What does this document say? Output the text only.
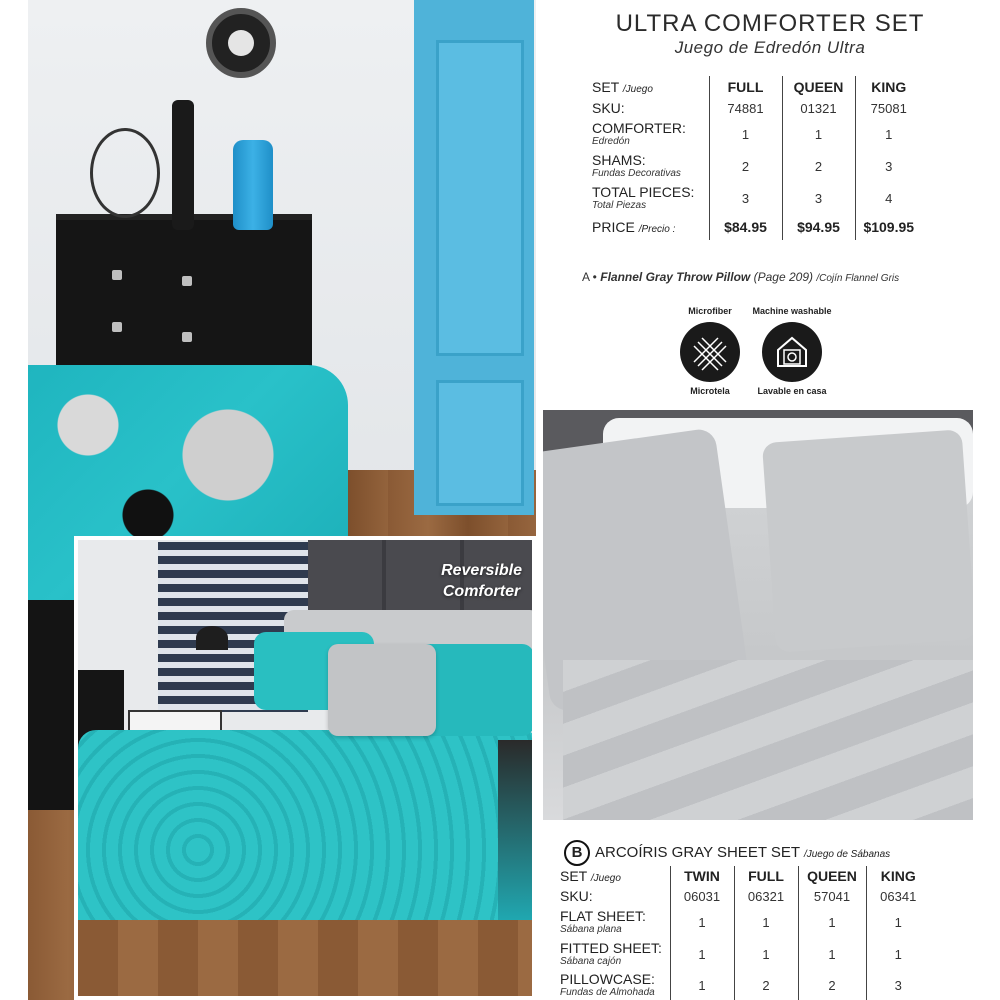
Reversible
Comforter
ULTRA COMFORTER SET
Juego de Edredón Ultra
SET /Juego	FULL	QUEEN	KING
SKU:	74881	01321	75081
COMFORTER:
Edredón	1	1	1
SHAMS:
Fundas Decorativas	2	2	3
TOTAL PIECES:
Total Piezas	3	3	4
PRICE /Precio :	$84.95	$94.95	$109.95
A • Flannel Gray Throw Pillow (Page 209) /Cojín Flannel Gris
Microfiber
Microtela
Machine washable
Lavable en casa
B ARCOÍRIS GRAY SHEET SET /Juego de Sábanas
SET /Juego	TWIN	FULL	QUEEN	KING
SKU:	06031	06321	57041	06341
FLAT SHEET:
Sábana plana	1	1	1	1
FITTED SHEET:
Sábana cajón	1	1	1	1
PILLOWCASE:
Fundas de Almohada	1	2	2	3
